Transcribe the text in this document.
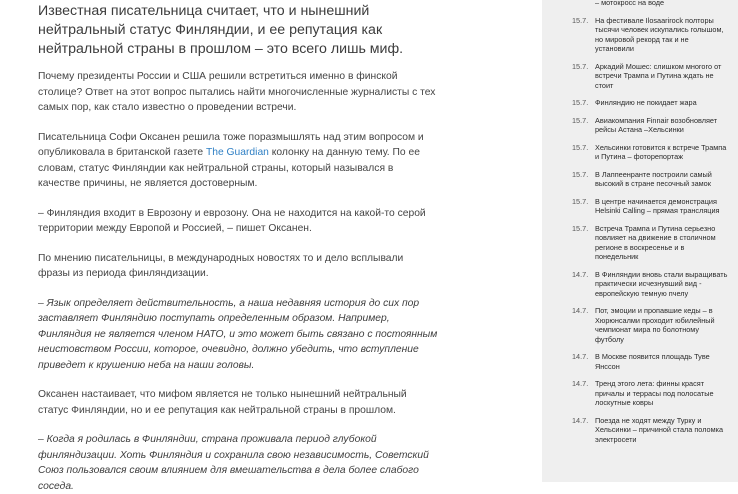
Известная писательница считает, что и нынешний нейтральный статус Финляндии, и ее репутация как нейтральной страны в прошлом – это всего лишь миф.

Почему президенты России и США решили встретиться именно в финской столице? Ответ на этот вопрос пытались найти многочисленные журналисты с тех самых пор, как стало известно о проведении встречи.

Писательница Софи Оксанен решила тоже поразмышлять над этим вопросом и опубликовала в британской газете The Guardian колонку на данную тему. По ее словам, статус Финляндии как нейтральной страны, который назывался в качестве причины, не является достоверным.

– Финляндия входит в Еврозону и еврозону. Она не находится на какой-то серой территории между Европой и Россией, – пишет Оксанен.

По мнению писательницы, в международных новостях то и дело всплывали фразы из периода финляндизации.

– Язык определяет действительность, а наша недавняя история до сих пор заставляет Финляндию поступать определенным образом. Например, Финляндия не является членом НАТО, и это может быть связано с постоянным неистовством России, которое, очевидно, должно убедить, что вступление приведет к крушению неба на наши головы.

Оксанен настаивает, что мифом является не только нынешний нейтральный статус Финляндии, но и ее репутация как нейтральной страны в прошлом.

– Когда я родилась в Финляндии, страна проживала период глубокой финляндизации. Хоть Финляндия и сохранила свою независимость, Советский Союз пользовался своим влиянием для вмешательства в дела более слабого соседа.

– мотокросс на воде
15.7. На фестивале Ilosaarirock полторы тысячи человек искупались голышом, но мировой рекорд так и не установили
15.7. Аркадий Мошес: слишком многого от встречи Трампа и Путина ждать не стоит
15.7. Финляндию не покидает жара
15.7. Авиакомпания Finnair возобновляет рейсы Астана –Хельсинки
15.7. Хельсинки готовится к встрече Трампа и Путина – фоторепортаж
15.7. В Лаппеенранте построили самый высокий в стране песочный замок
15.7. В центре начинается демонстрация Helsinki Calling – прямая трансляция
15.7. Встреча Трампа и Путина серьезно повлияет на движение в столичном регионе в воскресенье и в понедельник
14.7. В Финляндии вновь стали выращивать практически исчезнувший вид - европейскую темную пчелу
14.7. Пот, эмоции и пропавшие кеды – в Хюрюнсалми проходит юбилейный чемпионат мира по болотному футболу
14.7. В Москве появится площадь Туве Янссон
14.7. Тренд этого лета: финны красят причалы и террасы под полосатые лоскутные ковры
14.7. Поезда не ходят между Турку и Хельсинки – причиной стала поломка электросети
